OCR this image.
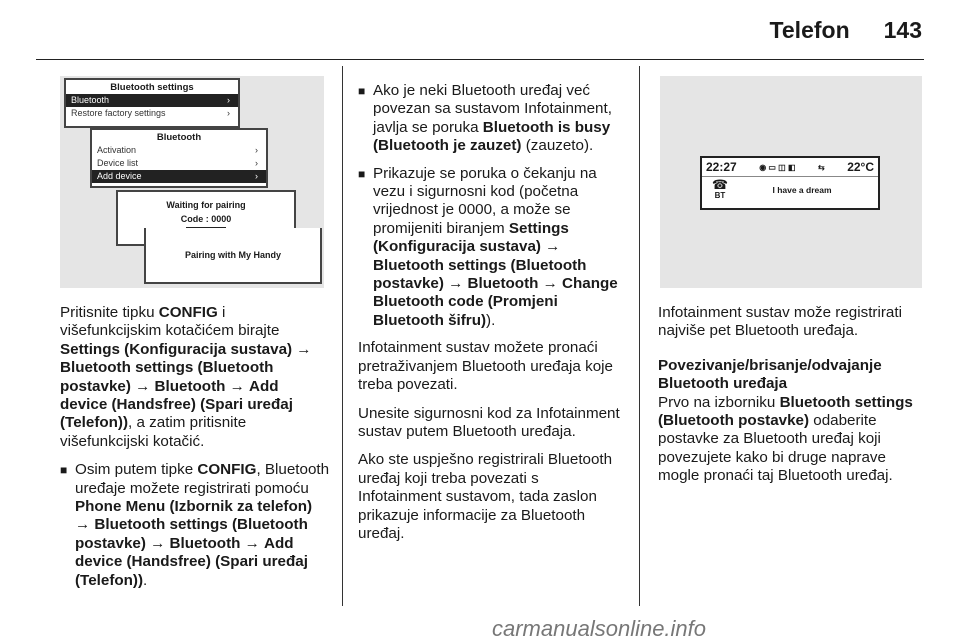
Telefon 143
Bluetooth settings
Bluetooth	›
Restore factory settings	›
Bluetooth
Activation	›
Device list	›
Add device	›
Waiting for pairing
Code : 0000
Pairing with My Handy
22:27	◉ ▭ ◫ ◧	⇆ 22°C
☎
BT
I have a dream

Pritisnite tipku CONFIG i višefunkcijskim kotačićem birajte Settings (Konfiguracija sustava) → Bluetooth settings (Bluetooth postavke) → Bluetooth → Add device (Handsfree) (Spari uređaj (Telefon)), a zatim pritisnite višefunkcijski kotačić.

■ Osim putem tipke CONFIG, Bluetooth uređaje možete registrirati pomoću Phone Menu (Izbornik za telefon) → Bluetooth settings (Bluetooth postavke) → Bluetooth → Add device (Handsfree) (Spari uređaj (Telefon)).
■ Ako je neki Bluetooth uređaj već povezan sa sustavom Infotainment, javlja se poruka Bluetooth is busy (Bluetooth je zauzet) (zauzeto).
■ Prikazuje se poruka o čekanju na vezu i sigurnosni kod (početna vrijednost je 0000, a može se promijeniti biranjem Settings (Konfiguracija sustava) → Bluetooth settings (Bluetooth postavke) → Bluetooth → Change Bluetooth code (Promjeni Bluetooth šifru)).

Infotainment sustav možete pronaći pretraživanjem Bluetooth uređaja koje treba povezati.

Unesite sigurnosni kod za Infotainment sustav putem Bluetooth uređaja.

Ako ste uspješno registrirali Bluetooth uređaj koji treba povezati s Infotainment sustavom, tada zaslon prikazuje informacije za Bluetooth uređaj.

Infotainment sustav može registrirati najviše pet Bluetooth uređaja.

Povezivanje/brisanje/odvajanje Bluetooth uređaja

Prvo na izborniku Bluetooth settings (Bluetooth postavke) odaberite postavke za Bluetooth uređaj koji povezujete kako bi druge naprave mogle pronaći taj Bluetooth uređaj.

carmanualsonline.info
